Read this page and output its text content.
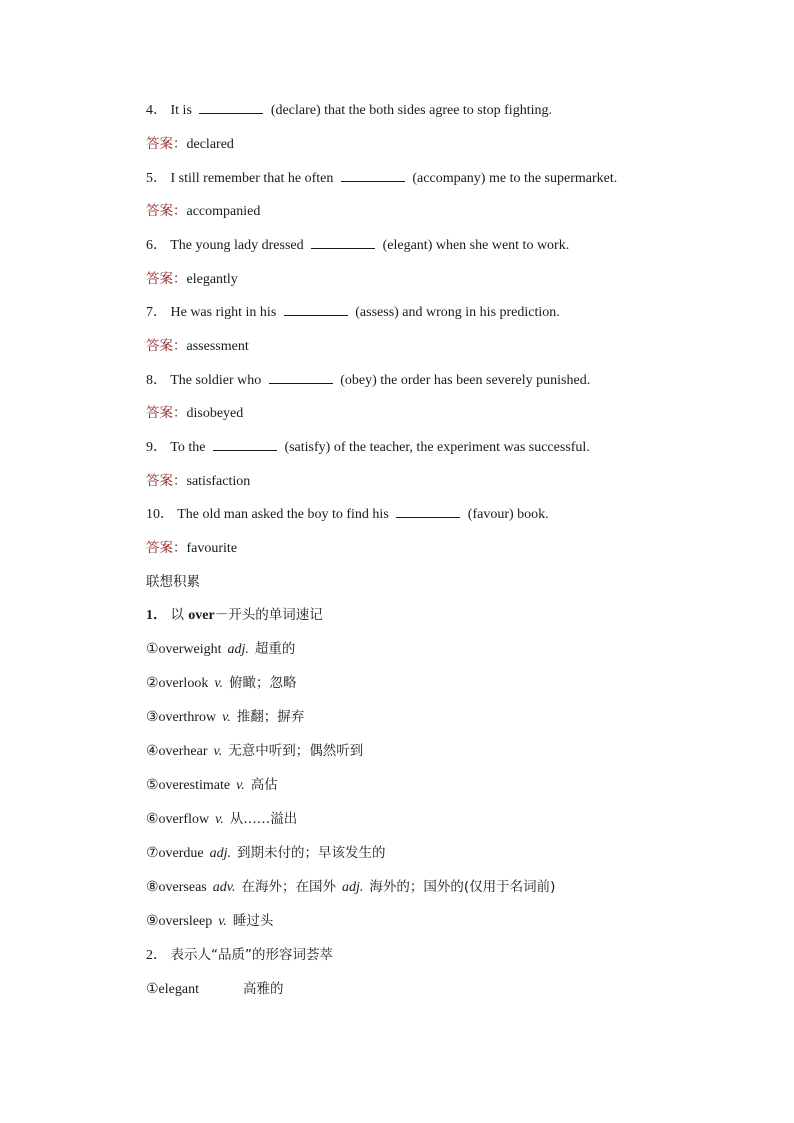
4． It is	(declare) that the both sides agree to stop fighting.
答案：declared
5． I still remember that he often	(accompany) me to the supermarket.
答案：accompanied
6． The young lady dressed	(elegant) when she went to work.
答案：elegantly
7． He was right in his	(assess) and wrong in his prediction.
答案：assessment
8． The soldier who	(obey) the order has been severely punished.
答案：disobeyed
9． To the	(satisfy) of the teacher, the experiment was successful.
答案：satisfaction
10． The old man asked the boy to find his	(favour) book.
答案：favourite
联想积累
1． 以 over－开头的单词速记
①overweight adj. 超重的
②overlook v. 俯瞰；忽略
③overthrow v. 推翻；摒弃
④overhear v. 无意中听到；偶然听到
⑤overestimate v. 高估
⑥overflow v. 从……溢出
⑦overdue adj. 到期未付的；早该发生的
⑧overseas adv. 在海外；在国外 adj. 海外的；国外的(仅用于名词前)
⑨oversleep v. 睡过头
2． 表示人“品质”的形容词荟萃
①elegant	高雅的
